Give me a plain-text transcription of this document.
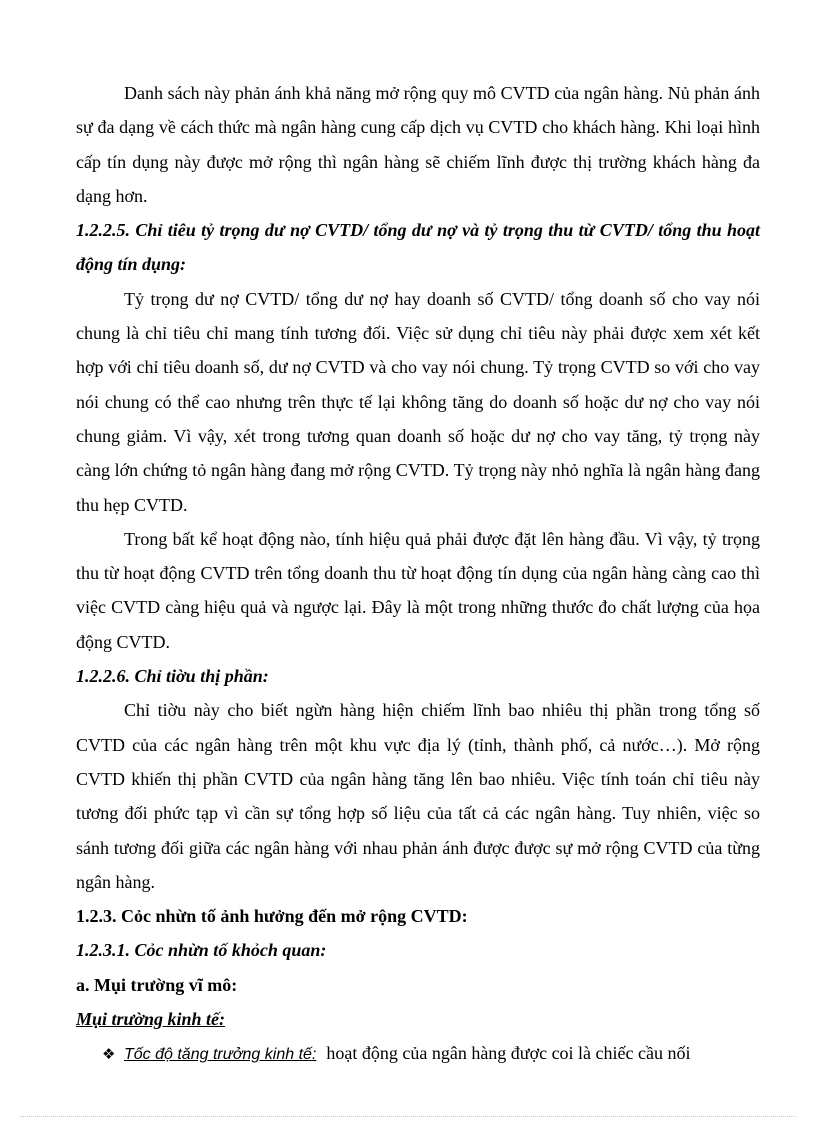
Danh sách này phản ánh khả năng mở rộng quy mô CVTD của ngân hàng. Nủ phản ánh sự đa dạng về cách thức mà ngân hàng cung cấp dịch vụ CVTD cho khách hàng. Khi loại hình cấp tín dụng này được mở rộng thì ngân hàng sẽ chiếm lĩnh được thị trường khách hàng đa dạng hơn.

1.2.2.5. Chỉ tiêu tỷ trọng dư nợ CVTD/ tổng dư nợ và tỷ trọng thu từ CVTD/ tổng thu hoạt động tín dụng:

Tỷ trọng dư nợ CVTD/ tổng dư nợ hay doanh số CVTD/ tổng doanh số cho vay nói chung là chỉ tiêu chỉ mang tính tương đối. Việc sử dụng chỉ tiêu này phải được xem xét kết hợp với chỉ tiêu doanh số, dư nợ CVTD và cho vay nói chung. Tỷ trọng CVTD so với cho vay nói chung có thể cao nhưng trên thực tế lại không tăng do doanh số hoặc dư nợ cho vay nói chung giảm. Vì vậy, xét trong tương quan doanh số hoặc dư nợ cho vay tăng, tỷ trọng này càng lớn chứng tỏ ngân hàng đang mở rộng CVTD. Tỷ trọng này nhỏ nghĩa là ngân hàng đang thu hẹp CVTD.

Trong bất kể hoạt động nào, tính hiệu quả phải được đặt lên hàng đầu. Vì vậy, tỷ trọng thu từ hoạt động CVTD trên tổng doanh thu từ hoạt động tín dụng của ngân hàng càng cao thì việc CVTD càng hiệu quả và ngược lại. Đây là một trong những thước đo chất lượng của họa động CVTD.

1.2.2.6. Chỉ tiờu thị phần:

Chỉ tiờu này cho biết ngừn hàng hiện chiếm lĩnh bao nhiêu thị phần trong tổng số CVTD của các ngân hàng trên một khu vực địa lý (tỉnh, thành phố, cả nước…). Mở rộng CVTD khiến thị phần CVTD của ngân hàng tăng lên bao nhiêu. Việc tính toán chỉ tiêu này tương đối phức tạp vì cần sự tổng hợp số liệu của tất cả các ngân hàng. Tuy nhiên, việc so sánh tương đối giữa các ngân hàng với nhau phản ánh được được sự mở rộng CVTD của từng ngân hàng.

1.2.3. Cỏc nhừn tố ảnh hưởng đến mở rộng CVTD:

1.2.3.1. Cỏc nhừn tố khỏch quan:

a. Mụi trường vĩ mô:

Mụi trường kinh tế:

❖ Tốc độ tăng trưởng kinh tế: hoạt động của ngân hàng được coi là chiếc cầu nối
